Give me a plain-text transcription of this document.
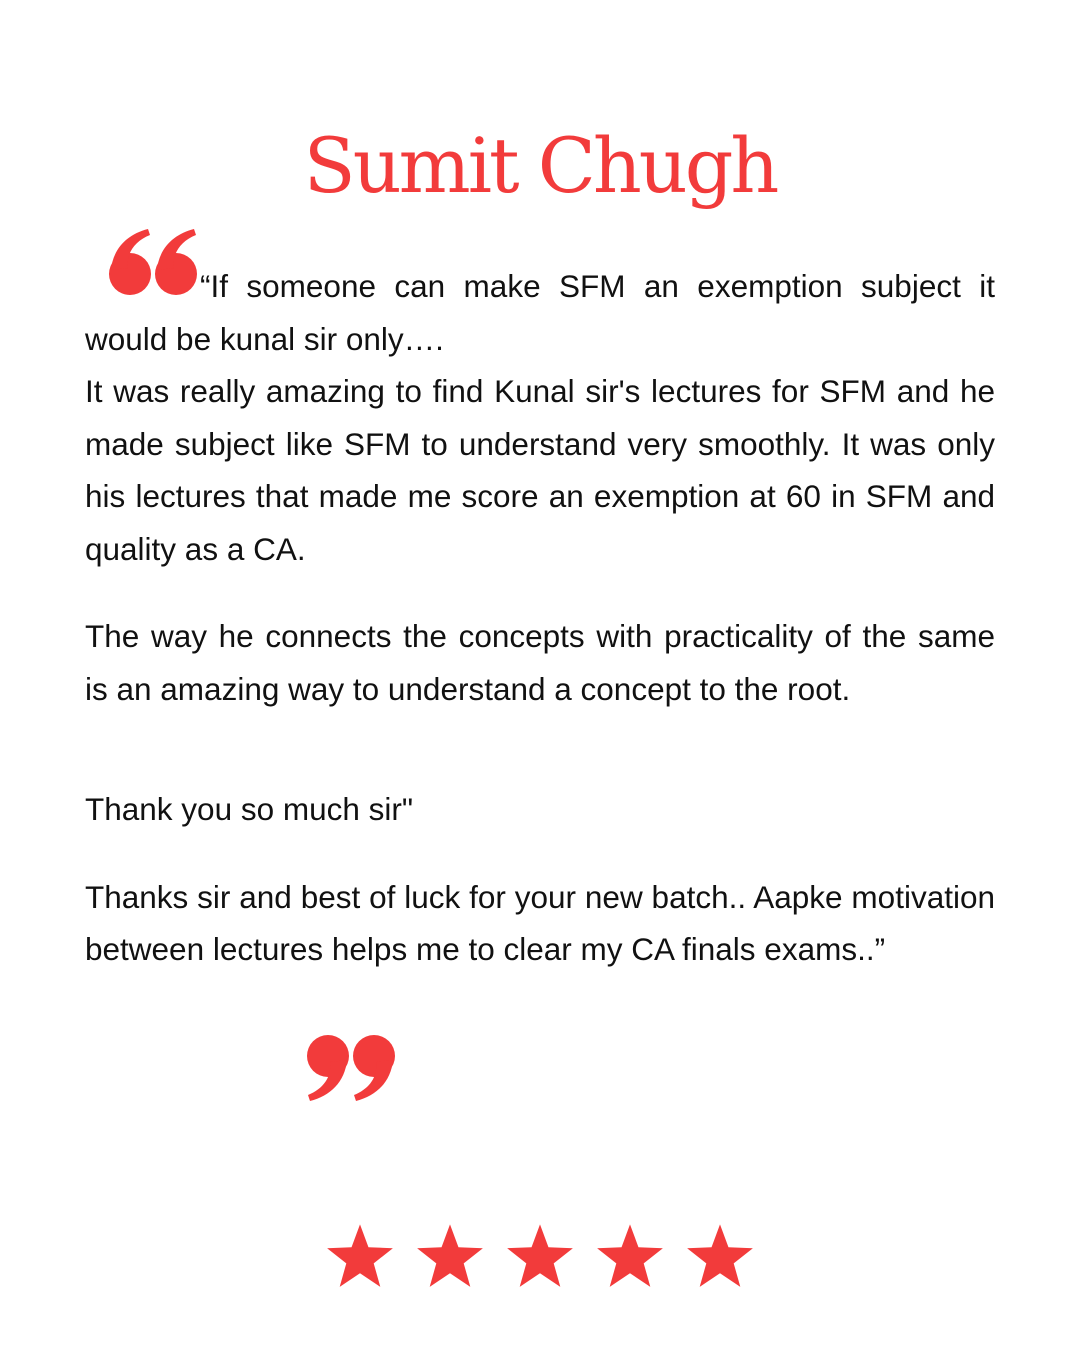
Sumit Chugh

“If someone can make SFM an exemption subject it would be kunal sir only….
It was really amazing to find Kunal sir's lectures for SFM and he made subject like SFM to understand very smoothly. It was only his lectures that made me score an exemption at 60 in SFM and quality as a CA.

The way he connects the concepts with practicality of the same is an amazing way to understand a concept to the root.

Thank you so much sir"

Thanks sir and best of luck for your new batch.. Aapke motivation between lectures helps me to clear my CA finals exams..”
